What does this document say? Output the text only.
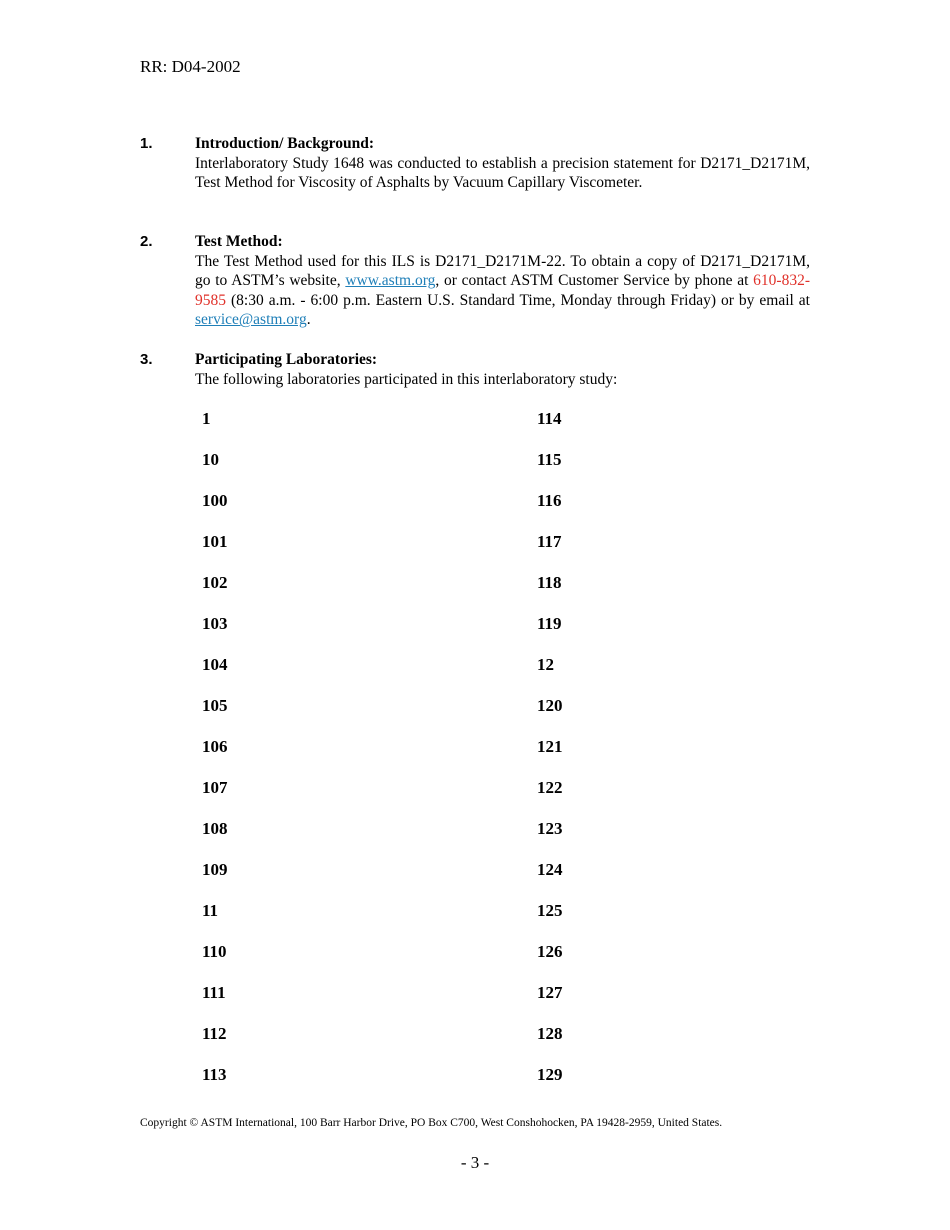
RR: D04-2002
1.	Introduction/ Background:
Interlaboratory Study 1648 was conducted to establish a precision statement for D2171_D2171M, Test Method for Viscosity of Asphalts by Vacuum Capillary Viscometer.
2.	Test Method:
The Test Method used for this ILS is D2171_D2171M-22. To obtain a copy of D2171_D2171M, go to ASTM’s website, www.astm.org, or contact ASTM Customer Service by phone at 610-832-9585 (8:30 a.m. - 6:00 p.m. Eastern U.S. Standard Time, Monday through Friday) or by email at service@astm.org.
3.	Participating Laboratories:
The following laboratories participated in this interlaboratory study:
1	114
10	115
100	116
101	117
102	118
103	119
104	12
105	120
106	121
107	122
108	123
109	124
11	125
110	126
111	127
112	128
113	129
Copyright © ASTM International, 100 Barr Harbor Drive, PO Box C700, West Conshohocken, PA 19428-2959, United States.
- 3 -
